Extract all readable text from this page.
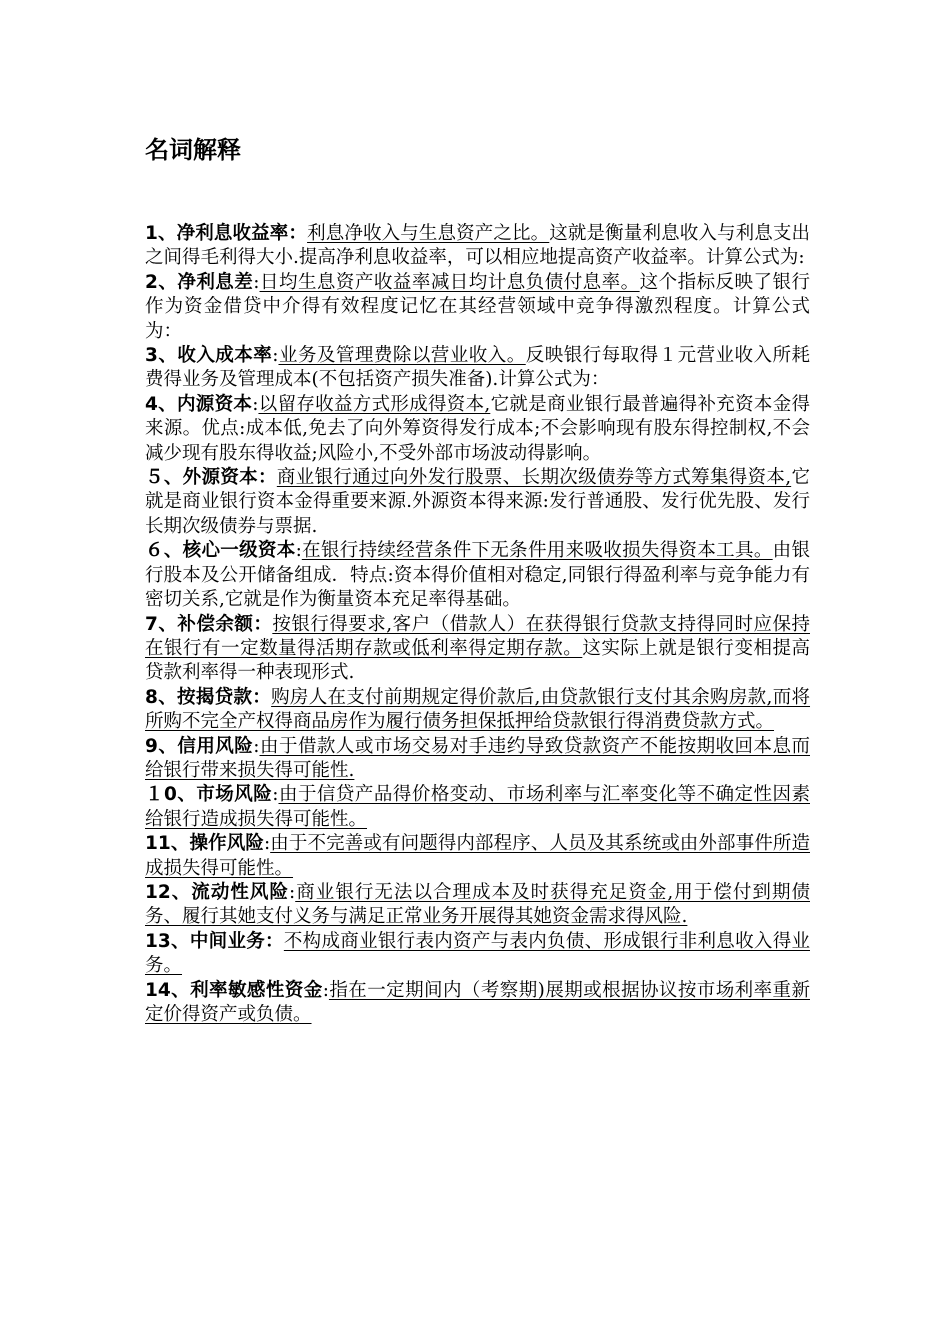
名词解释

1、净利息收益率：利息净收入与生息资产之比。这就是衡量利息收入与利息支出之间得毛利得大小.提高净利息收益率，可以相应地提高资产收益率。计算公式为:

2、净利息差:日均生息资产收益率减日均计息负债付息率。这个指标反映了银行作为资金借贷中介得有效程度记忆在其经营领域中竞争得激烈程度。计算公式为：

3、收入成本率:业务及管理费除以营业收入。反映银行每取得１元营业收入所耗费得业务及管理成本(不包括资产损失准备).计算公式为：

4、内源资本:以留存收益方式形成得资本,它就是商业银行最普遍得补充资本金得来源。优点:成本低,免去了向外筹资得发行成本;不会影响现有股东得控制权,不会减少现有股东得收益;风险小,不受外部市场波动得影响。

５、外源资本：商业银行通过向外发行股票、长期次级债券等方式筹集得资本,它就是商业银行资本金得重要来源.外源资本得来源:发行普通股、发行优先股、发行长期次级债券与票据.

６、核心一级资本:在银行持续经营条件下无条件用来吸收损失得资本工具。由银行股本及公开储备组成．特点:资本得价值相对稳定,同银行得盈利率与竞争能力有密切关系,它就是作为衡量资本充足率得基础。

7、补偿余额：按银行得要求,客户（借款人）在获得银行贷款支持得同时应保持在银行有一定数量得活期存款或低利率得定期存款。这实际上就是银行变相提高贷款利率得一种表现形式.

8、按揭贷款：购房人在支付前期规定得价款后,由贷款银行支付其余购房款,而将所购不完全产权得商品房作为履行债务担保抵押给贷款银行得消费贷款方式。

9、信用风险:由于借款人或市场交易对手违约导致贷款资产不能按期收回本息而给银行带来损失得可能性.

１0、市场风险:由于信贷产品得价格变动、市场利率与汇率变化等不确定性因素给银行造成损失得可能性。

11、操作风险:由于不完善或有问题得内部程序、人员及其系统或由外部事件所造成损失得可能性。

12、流动性风险:商业银行无法以合理成本及时获得充足资金,用于偿付到期债务、履行其她支付义务与满足正常业务开展得其她资金需求得风险.

13、中间业务：不构成商业银行表内资产与表内负债、形成银行非利息收入得业务。

14、利率敏感性资金:指在一定期间内（考察期)展期或根据协议按市场利率重新定价得资产或负债。
